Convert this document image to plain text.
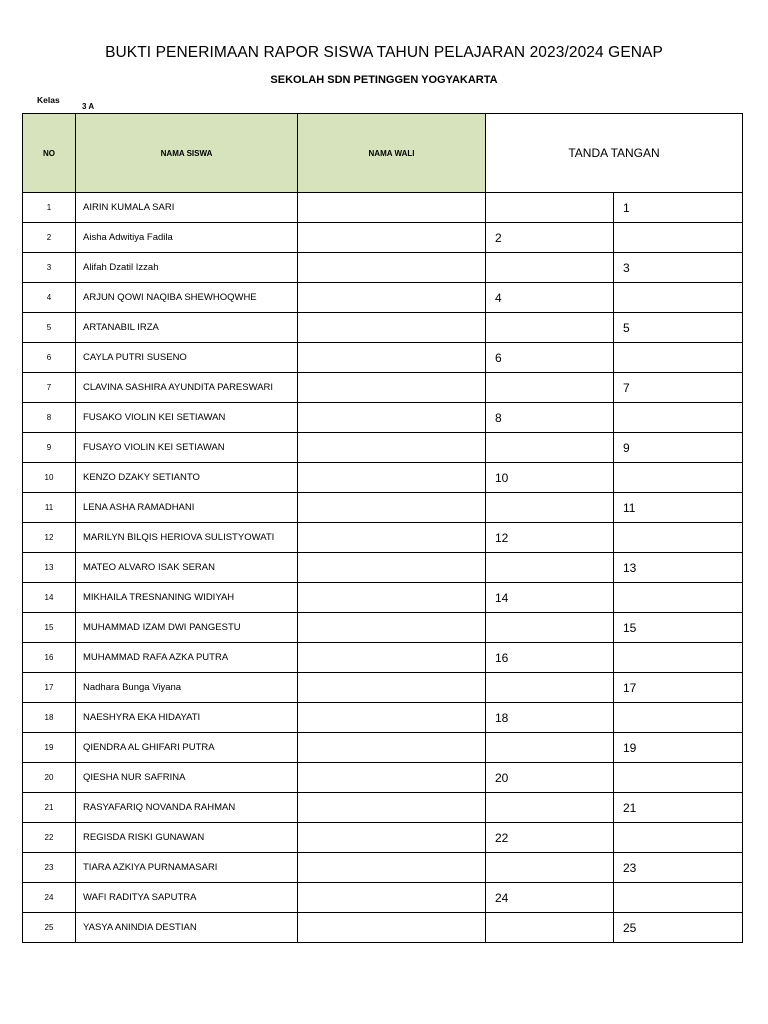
BUKTI PENERIMAAN RAPOR SISWA TAHUN PELAJARAN 2023/2024 GENAP
SEKOLAH SDN PETINGGEN YOGYAKARTA
Kelas
3 A
NO	NAMA SISWA	NAMA WALI	TANDA TANGAN	
1	AIRIN KUMALA SARI			1
2	Aisha Adwitiya Fadila		2	
3	Alifah Dzatil Izzah			3
4	ARJUN QOWI NAQIBA SHEWHOQWHE		4	
5	ARTANABIL IRZA			5
6	CAYLA PUTRI SUSENO		6	
7	CLAVINA SASHIRA AYUNDITA PARESWARI			7
8	FUSAKO VIOLIN KEI SETIAWAN		8	
9	FUSAYO VIOLIN KEI SETIAWAN			9
10	KENZO DZAKY SETIANTO		10	
11	LENA ASHA RAMADHANI			11
12	MARILYN BILQIS HERIOVA SULISTYOWATI		12	
13	MATEO ALVARO ISAK SERAN			13
14	MIKHAILA TRESNANING WIDIYAH		14	
15	MUHAMMAD IZAM DWI PANGESTU			15
16	MUHAMMAD RAFA AZKA PUTRA		16	
17	Nadhara Bunga Viyana			17
18	NAESHYRA EKA HIDAYATI		18	
19	QIENDRA AL GHIFARI PUTRA			19
20	QIESHA NUR SAFRINA		20	
21	RASYAFARIQ NOVANDA RAHMAN			21
22	REGISDA RISKI GUNAWAN		22	
23	TIARA AZKIYA PURNAMASARI			23
24	WAFI RADITYA SAPUTRA		24	
25	YASYA ANINDIA DESTIAN			25
